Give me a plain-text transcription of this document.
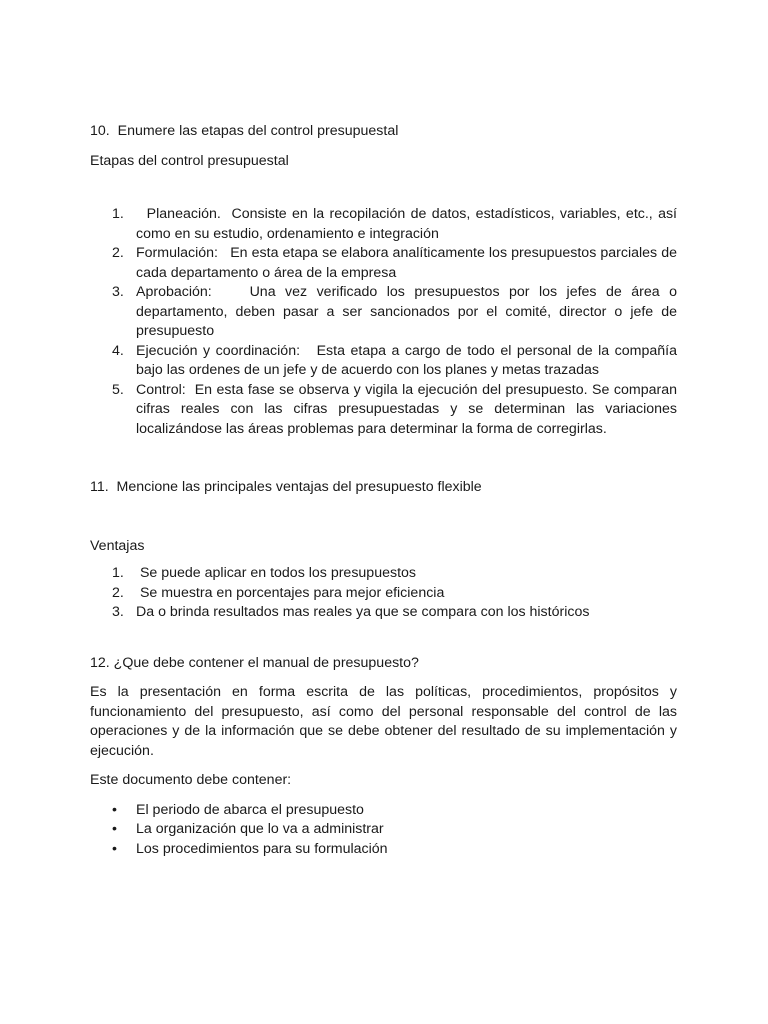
10.  Enumere las etapas del control presupuestal

Etapas del control presupuestal

1. Planeación.  Consiste en la recopilación de datos, estadísticos, variables, etc., así como en su estudio, ordenamiento e integración
2. Formulación:   En esta etapa se elabora analíticamente los presupuestos parciales de cada departamento o área de la empresa
3. Aprobación:    Una vez verificado los presupuestos por los jefes de área o departamento, deben pasar a ser sancionados por el comité, director o jefe de presupuesto
4. Ejecución y coordinación:   Esta etapa a cargo de todo el personal de la compañía bajo las ordenes de un jefe y de acuerdo con los planes y metas trazadas
5. Control:  En esta fase se observa y vigila la ejecución del presupuesto. Se comparan cifras reales con las cifras presupuestadas y se determinan las variaciones localizándose las áreas problemas para determinar la forma de corregirlas.

11.  Mencione las principales ventajas del presupuesto flexible

Ventajas

1. Se puede aplicar en todos los presupuestos
2. Se muestra en porcentajes para mejor eficiencia
3. Da o brinda resultados mas reales ya que se compara con los históricos

12. ¿Que debe contener el manual de presupuesto?

Es la presentación en forma escrita de las políticas, procedimientos, propósitos y funcionamiento del presupuesto, así como del personal responsable del control de las operaciones y de la información que se debe obtener del resultado de su implementación y ejecución.

Este documento debe contener:

• El periodo de abarca el presupuesto
• La organización que lo va a administrar
• Los procedimientos para su formulación
